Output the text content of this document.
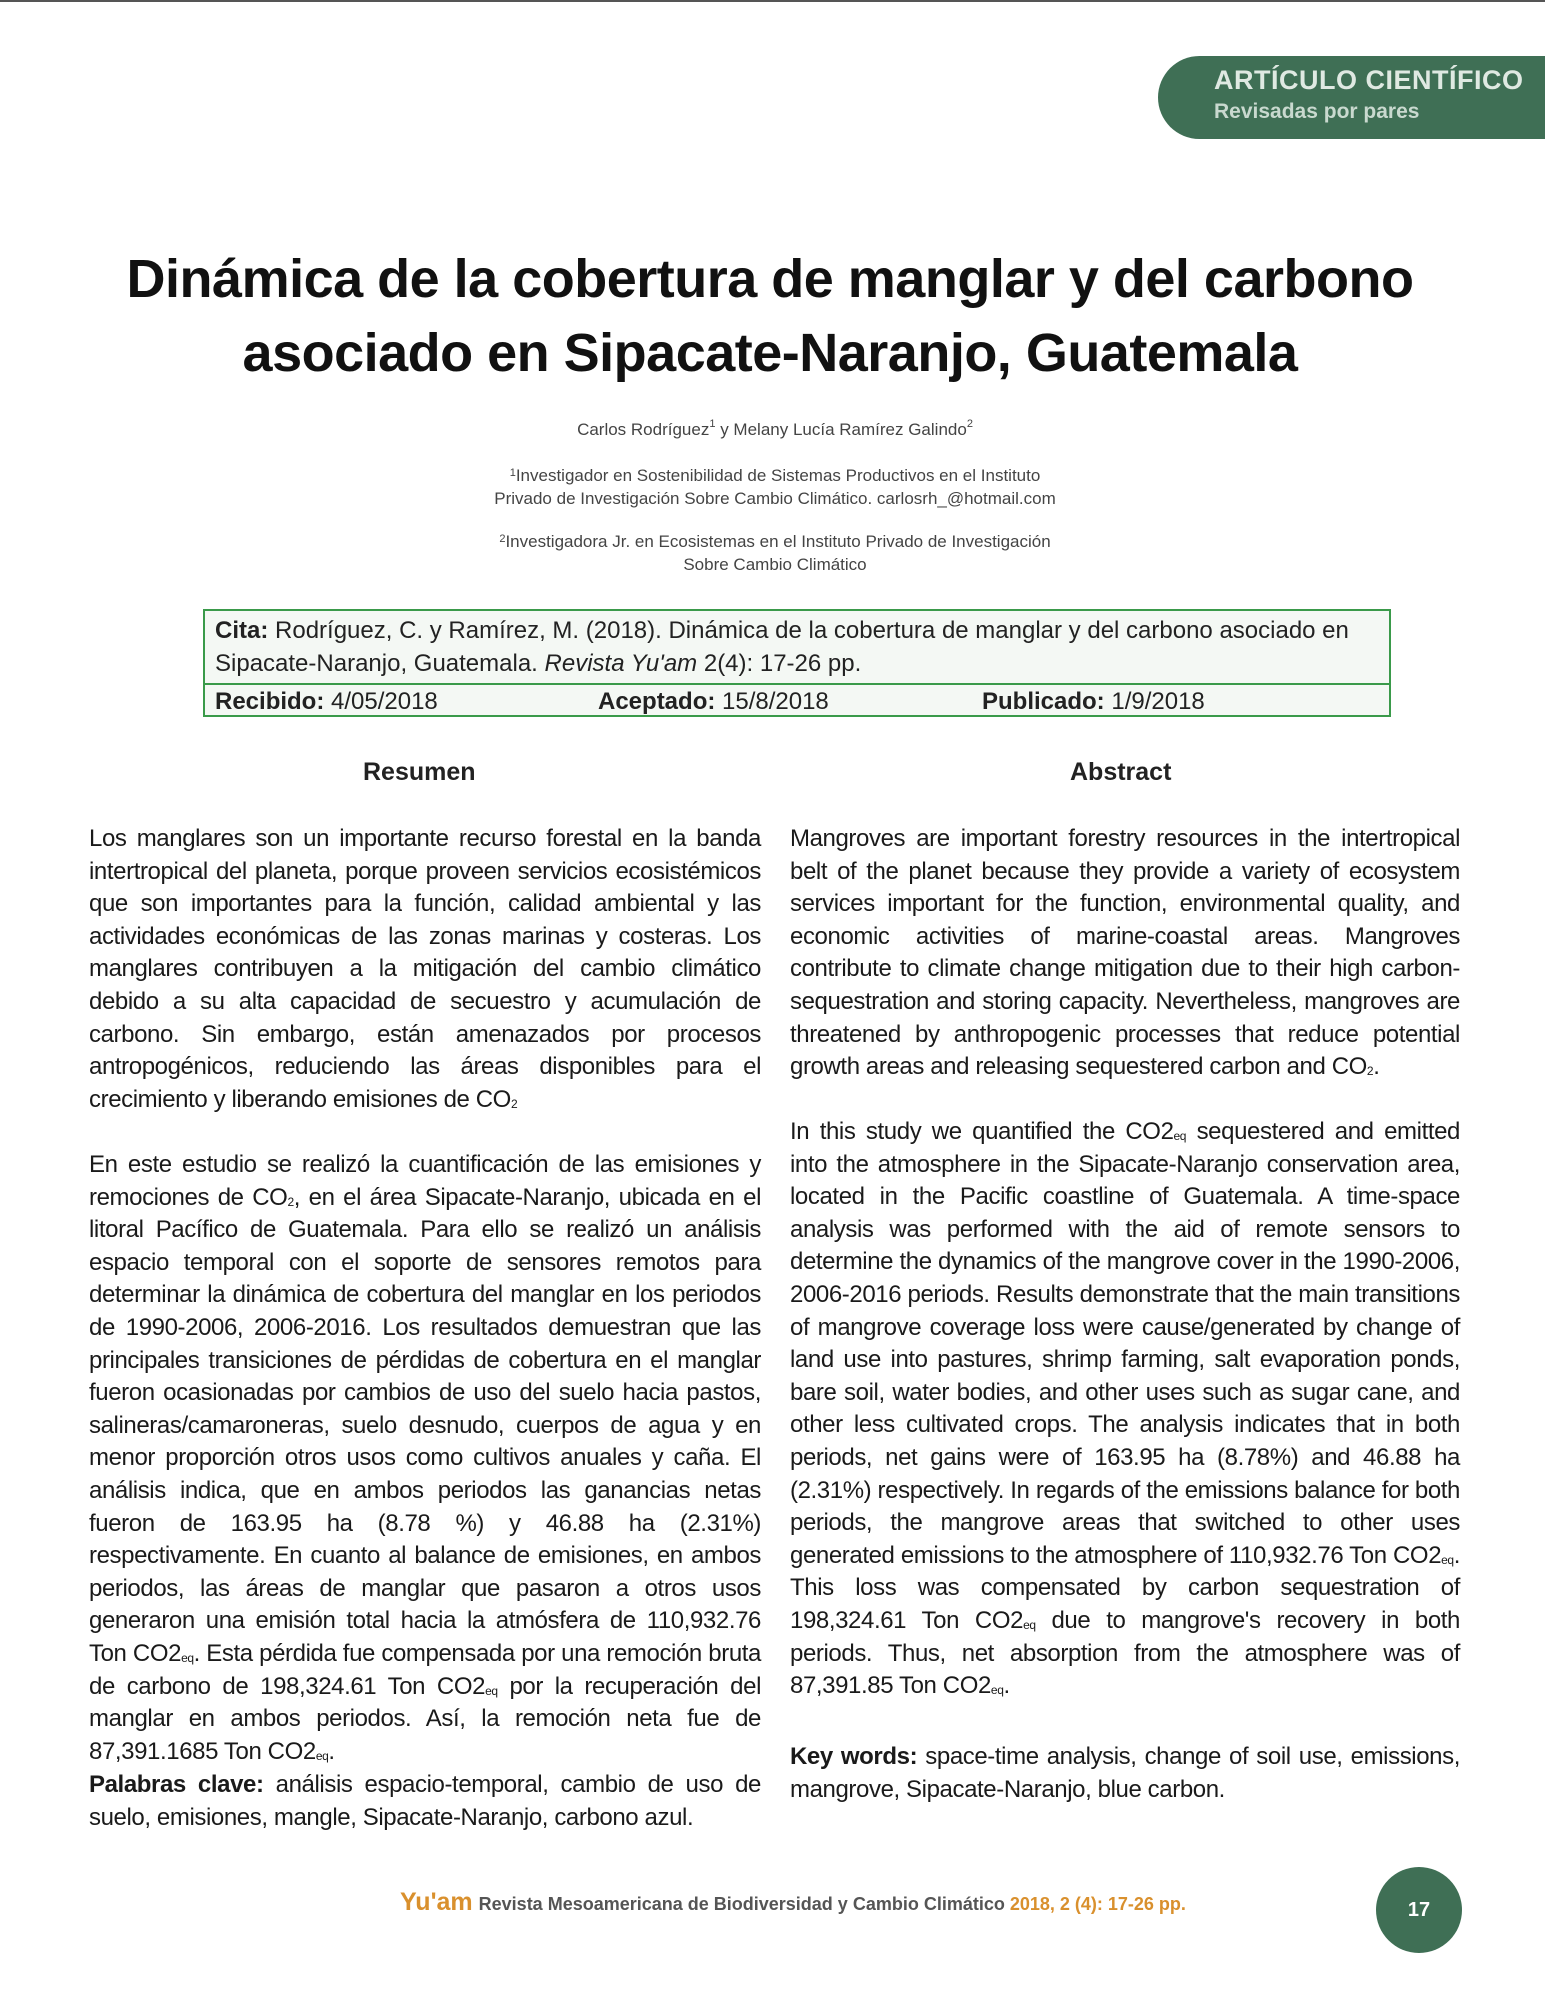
ARTÍCULO CIENTÍFICO
Revisadas por pares
Dinámica de la cobertura de manglar y del carbono
asociado en Sipacate-Naranjo, Guatemala
Carlos Rodríguez$^1$ y Melany Lucía Ramírez Galindo$^2$
$^1$Investigador en Sostenibilidad de Sistemas Productivos en el Instituto
Privado de Investigación Sobre Cambio Climático. carlosrh_@hotmail.com
$^2$Investigadora Jr. en Ecosistemas en el Instituto Privado de Investigación
Sobre Cambio Climático
Cita: Rodríguez, C. y Ramírez, M. (2018). Dinámica de la cobertura de manglar y del carbono asociado en Sipacate-Naranjo, Guatemala. Revista Yu'am 2(4): 17-26 pp.
Recibido: 4/05/2018	Aceptado: 15/8/2018	Publicado: 1/9/2018
Resumen	Abstract

Los manglares son un importante recurso forestal en la banda intertropical del planeta, porque proveen servicios ecosistémicos que son importantes para la función, calidad ambiental y las actividades económicas de las zonas marinas y costeras. Los manglares contribuyen a la mitigación del cambio climático debido a su alta capacidad de secuestro y acumulación de carbono. Sin embargo, están amenazados por procesos antropogénicos, reduciendo las áreas disponibles para el crecimiento y liberando emisiones de $CO_2$

En este estudio se realizó la cuantificación de las emisiones y remociones de $CO_2$, en el área Sipacate-Naranjo, ubicada en el litoral Pacífico de Guatemala. Para ello se realizó un análisis espacio temporal con el soporte de sensores remotos para determinar la dinámica de cobertura del manglar en los periodos de 1990-2006, 2006-2016. Los resultados demuestran que las principales transiciones de pérdidas de cobertura en el manglar fueron ocasionadas por cambios de uso del suelo hacia pastos, salineras/camaroneras, suelo desnudo, cuerpos de agua y en menor proporción otros usos como cultivos anuales y caña. El análisis indica, que en ambos periodos las ganancias netas fueron de 163.95 ha (8.78 %) y 46.88 ha (2.31%) respectivamente. En cuanto al balance de emisiones, en ambos periodos, las áreas de manglar que pasaron a otros usos generaron una emisión total hacia la atmósfera de 110,932.76 Ton $CO2_{eq}$. Esta pérdida fue compensada por una remoción bruta de carbono de 198,324.61 Ton $CO2_{eq}$ por la recuperación del manglar en ambos periodos. Así, la remoción neta fue de 87,391.1685 Ton $CO2_{eq}$.

Palabras clave: análisis espacio-temporal, cambio de uso de suelo, emisiones, mangle, Sipacate-Naranjo, carbono azul.

Mangroves are important forestry resources in the intertropical belt of the planet because they provide a variety of ecosystem services important for the function, environmental quality, and economic activities of marine-coastal areas. Mangroves contribute to climate change mitigation due to their high carbon-sequestration and storing capacity. Nevertheless, mangroves are threatened by anthropogenic processes that reduce potential growth areas and releasing sequestered carbon and $CO_2$.

In this study we quantified the $CO2_{eq}$ sequestered and emitted into the atmosphere in the Sipacate-Naranjo conservation area, located in the Pacific coastline of Guatemala. A time-space analysis was performed with the aid of remote sensors to determine the dynamics of the mangrove cover in the 1990-2006, 2006-2016 periods. Results demonstrate that the main transitions of mangrove coverage loss were cause/generated by change of land use into pastures, shrimp farming, salt evaporation ponds, bare soil, water bodies, and other uses such as sugar cane, and other less cultivated crops. The analysis indicates that in both periods, net gains were of 163.95 ha (8.78%) and 46.88 ha (2.31%) respectively. In regards of the emissions balance for both periods, the mangrove areas that switched to other uses generated emissions to the atmosphere of 110,932.76 Ton $CO2_{eq}$. This loss was compensated by carbon sequestration of 198,324.61 Ton $CO2_{eq}$ due to mangrove's recovery in both periods. Thus, net absorption from the atmosphere was of 87,391.85 Ton $CO2_{eq}$.

Key words: space-time analysis, change of soil use, emissions, mangrove, Sipacate-Naranjo, blue carbon.

Yu'am Revista Mesoamericana de Biodiversidad y Cambio Climático 2018, 2 (4): 17-26 pp.	17
